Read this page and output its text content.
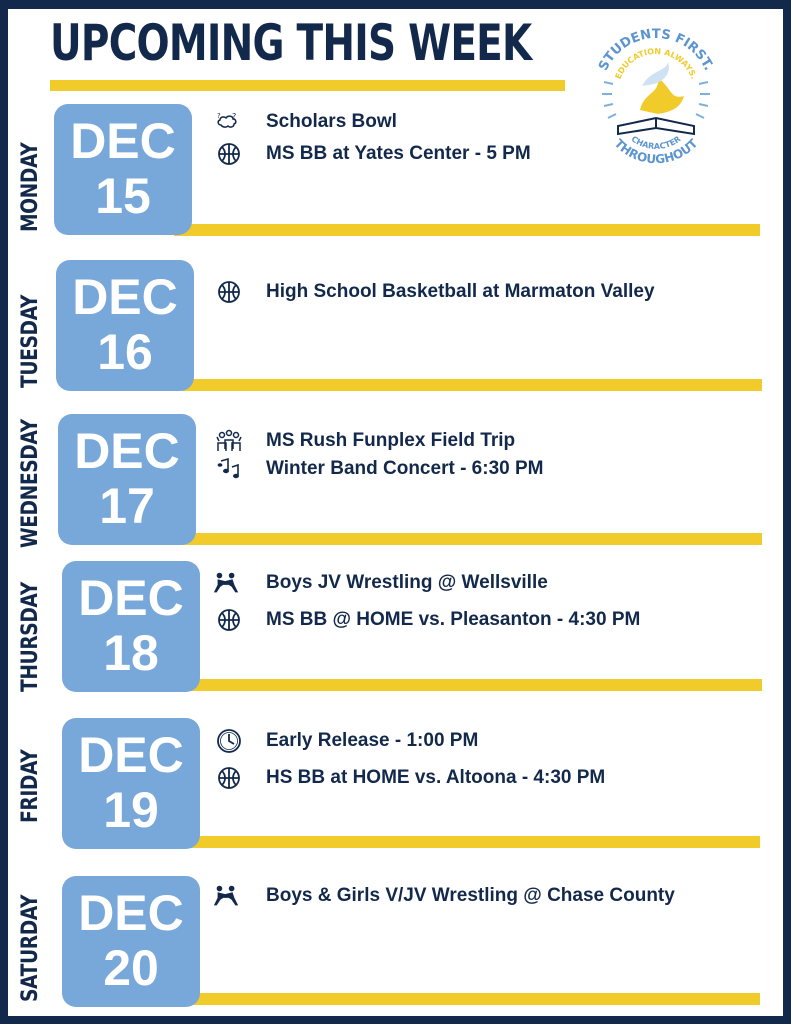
UPCOMING THIS WEEK	STUDENTS FIRST.
EDUCATION ALWAYS.
CHARACTER
THROUGHOUT
MONDAY
DEC
15
?
? Scholars Bowl
MS BB at Yates Center - 5 PM
TUESDAY DEC
16
High School Basketball at Marmaton Valley
WEDNESDAY DEC
17
MS Rush Funplex Field Trip
Winter Band Concert - 6:30 PM
THURSDAY DEC
18
Boys JV Wrestling @ Wellsville
MS BB @ HOME vs. Pleasanton - 4:30 PM
FRIDAY DEC
19
Early Release - 1:00 PM
HS BB at HOME vs. Altoona - 4:30 PM
SATURDAY DEC
20
Boys & Girls V/JV Wrestling @ Chase County
